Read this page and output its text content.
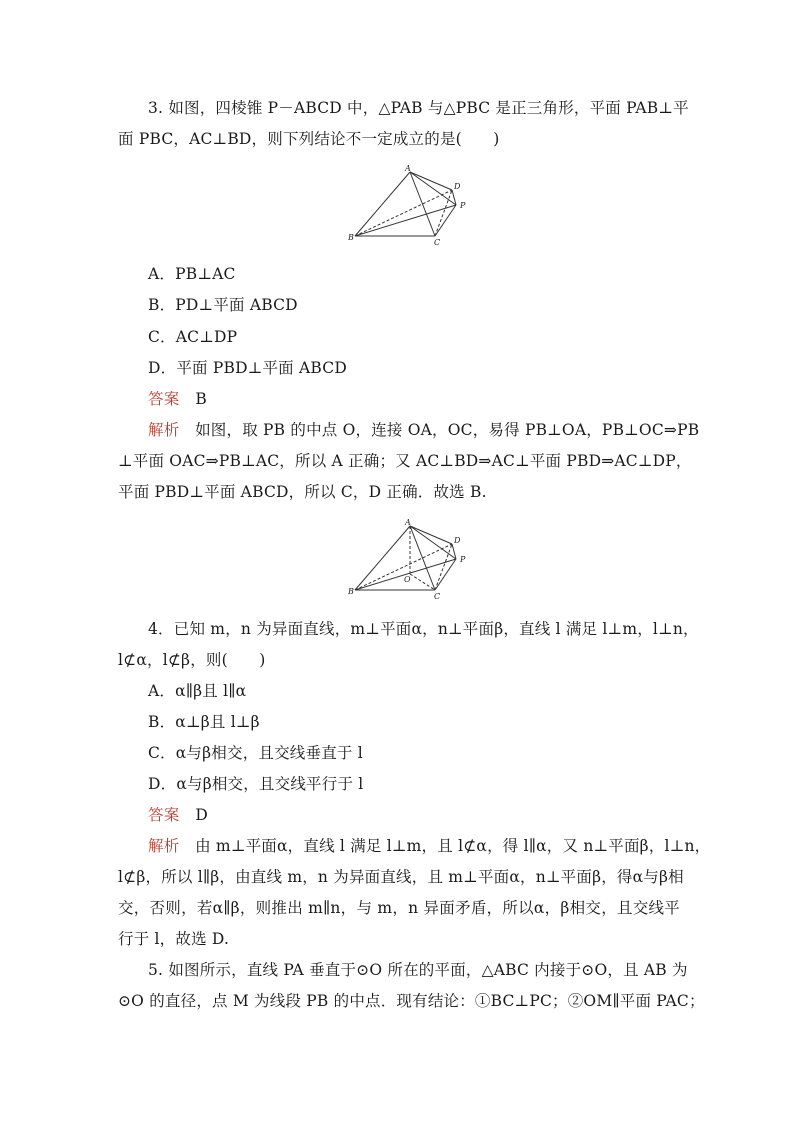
3. 如图，四棱锥 P－ABCD 中，△PAB 与△PBC 是正三角形，平面 PAB⊥平
面 PBC，AC⊥BD，则下列结论不一定成立的是(　　)
A
B
C
D
P
A．PB⊥AC
B．PD⊥平面 ABCD
C．AC⊥DP
D．平面 PBD⊥平面 ABCD
答案 B
解析　 如图，取 PB 的中点 O，连接 OA，OC，易得 PB⊥OA，PB⊥OC⇒PB
⊥平面 OAC⇒PB⊥AC，所以 A 正确；又 AC⊥BD⇒AC⊥平面 PBD⇒AC⊥DP，
平面 PBD⊥平面 ABCD，所以 C，D 正确．故选 B.
A
B
C
D
P
O
4．已知 m，n 为异面直线，m⊥平面α，n⊥平面β，直线 l 满足 l⊥m，l⊥n，
l⊄α，l⊄β，则(　　)
A．α∥β且 l∥α
B．α⊥β且 l⊥β
C．α与β相交，且交线垂直于 l
D．α与β相交，且交线平行于 l
答案 D
解析　 由 m⊥平面α，直线 l 满足 l⊥m，且 l⊄α，得 l∥α，又 n⊥平面β，l⊥n，
l⊄β，所以 l∥β，由直线 m，n 为异面直线，且 m⊥平面α，n⊥平面β，得α与β相
交，否则，若α∥β，则推出 m∥n，与 m，n 异面矛盾，所以α，β相交，且交线平
行于 l，故选 D.
5. 如图所示，直线 PA 垂直于⊙O 所在的平面，△ABC 内接于⊙O，且 AB 为
⊙O 的直径，点 M 为线段 PB 的中点．现有结论：①BC⊥PC；②OM∥平面 PAC；
